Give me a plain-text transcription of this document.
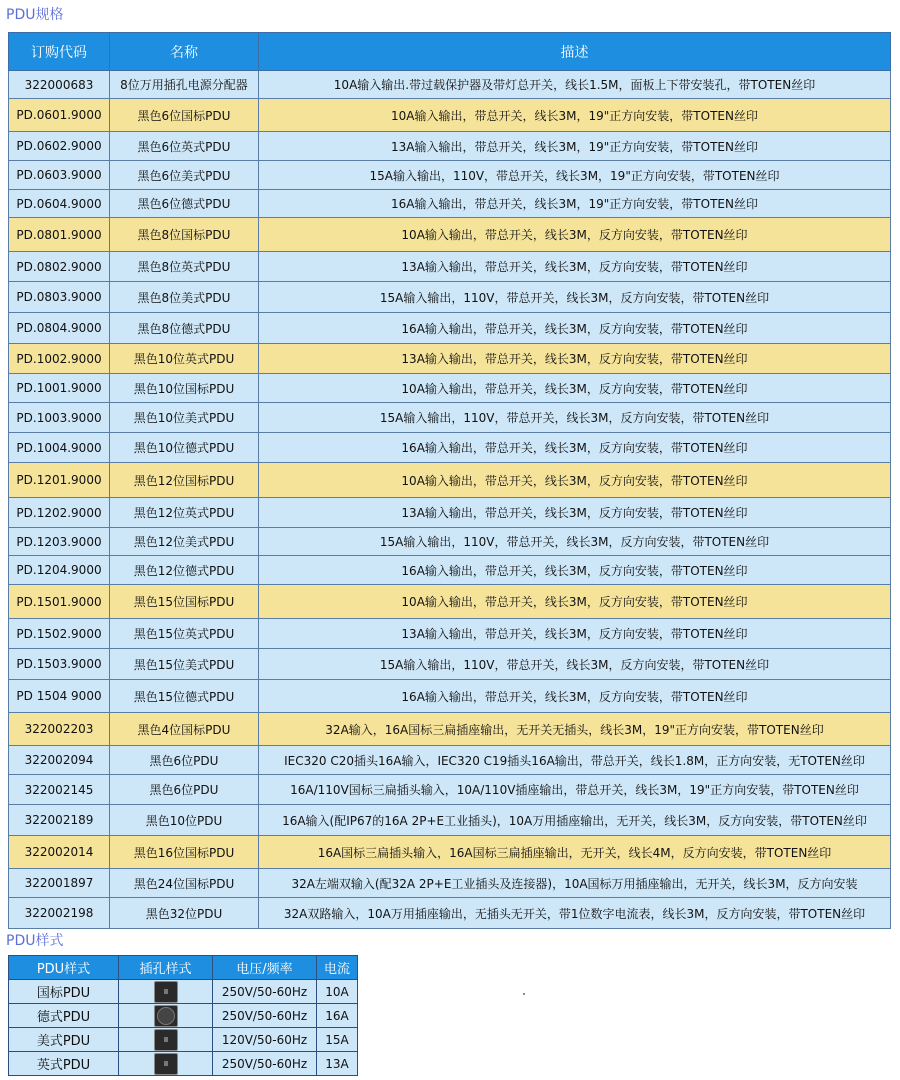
PDU规格
订购代码	名称	描述
322000683	8位万用插孔电源分配器	10A输入输出.带过载保护器及带灯总开关，线长1.5M，面板上下带安装孔，带TOTEN丝印
PD.0601.9000	黑色6位国标PDU	10A输入输出，带总开关，线长3M，19"正方向安装，带TOTEN丝印
PD.0602.9000	黑色6位英式PDU	13A输入输出，带总开关，线长3M，19"正方向安装，带TOTEN丝印
PD.0603.9000	黑色6位美式PDU	15A输入输出，110V，带总开关，线长3M，19"正方向安装，带TOTEN丝印
PD.0604.9000	黑色6位德式PDU	16A输入输出，带总开关，线长3M，19"正方向安装，带TOTEN丝印
PD.0801.9000	黑色8位国标PDU	10A输入输出，带总开关，线长3M，反方向安装，带TOTEN丝印
PD.0802.9000	黑色8位英式PDU	13A输入输出，带总开关，线长3M，反方向安装，带TOTEN丝印
PD.0803.9000	黑色8位美式PDU	15A输入输出，110V，带总开关，线长3M，反方向安装，带TOTEN丝印
PD.0804.9000	黑色8位德式PDU	16A输入输出，带总开关，线长3M，反方向安装，带TOTEN丝印
PD.1002.9000	黑色10位英式PDU	13A输入输出，带总开关，线长3M，反方向安装，带TOTEN丝印
PD.1001.9000	黑色10位国标PDU	10A输入输出，带总开关，线长3M，反方向安装，带TOTEN丝印
PD.1003.9000	黑色10位美式PDU	15A输入输出，110V，带总开关，线长3M，反方向安装，带TOTEN丝印
PD.1004.9000	黑色10位德式PDU	16A输入输出，带总开关，线长3M，反方向安装，带TOTEN丝印
PD.1201.9000	黑色12位国标PDU	10A输入输出，带总开关，线长3M，反方向安装，带TOTEN丝印
PD.1202.9000	黑色12位英式PDU	13A输入输出，带总开关，线长3M，反方向安装，带TOTEN丝印
PD.1203.9000	黑色12位美式PDU	15A输入输出，110V，带总开关，线长3M，反方向安装，带TOTEN丝印
PD.1204.9000	黑色12位德式PDU	16A输入输出，带总开关，线长3M，反方向安装，带TOTEN丝印
PD.1501.9000	黑色15位国标PDU	10A输入输出，带总开关，线长3M，反方向安装，带TOTEN丝印
PD.1502.9000	黑色15位英式PDU	13A输入输出，带总开关，线长3M，反方向安装，带TOTEN丝印
PD.1503.9000	黑色15位美式PDU	15A输入输出，110V，带总开关，线长3M，反方向安装，带TOTEN丝印
PD 1504 9000	黑色15位德式PDU	16A输入输出，带总开关，线长3M，反方向安装，带TOTEN丝印
322002203	黑色4位国标PDU	32A输入，16A国标三扁插座输出，无开关无插头，线长3M，19"正方向安装，带TOTEN丝印
322002094	黑色6位PDU	IEC320 C20插头16A输入，IEC320 C19插头16A输出，带总开关，线长1.8M，正方向安装，无TOTEN丝印
322002145	黑色6位PDU	16A/110V国标三扁插头输入，10A/110V插座输出，带总开关，线长3M，19"正方向安装，带TOTEN丝印
322002189	黑色10位PDU	16A输入(配IP67的16A 2P+E工业插头)，10A万用插座输出，无开关，线长3M，反方向安装，带TOTEN丝印
322002014	黑色16位国标PDU	16A国标三扁插头输入，16A国标三扁插座输出，无开关，线长4M，反方向安装，带TOTEN丝印
322001897	黑色24位国标PDU	32A左端双输入(配32A 2P+E工业插头及连接器)，10A国标万用插座输出，无开关，线长3M，反方向安装
322002198	黑色32位PDU	32A双路输入，10A万用插座输出，无插头无开关，带1位数字电流表，线长3M，反方向安装，带TOTEN丝印
PDU样式
PDU样式	插孔样式	电压/频率	电流
国标PDU		250V/50-60Hz	10A
德式PDU		250V/50-60Hz	16A
美式PDU		120V/50-60Hz	15A
英式PDU		250V/50-60Hz	13A
